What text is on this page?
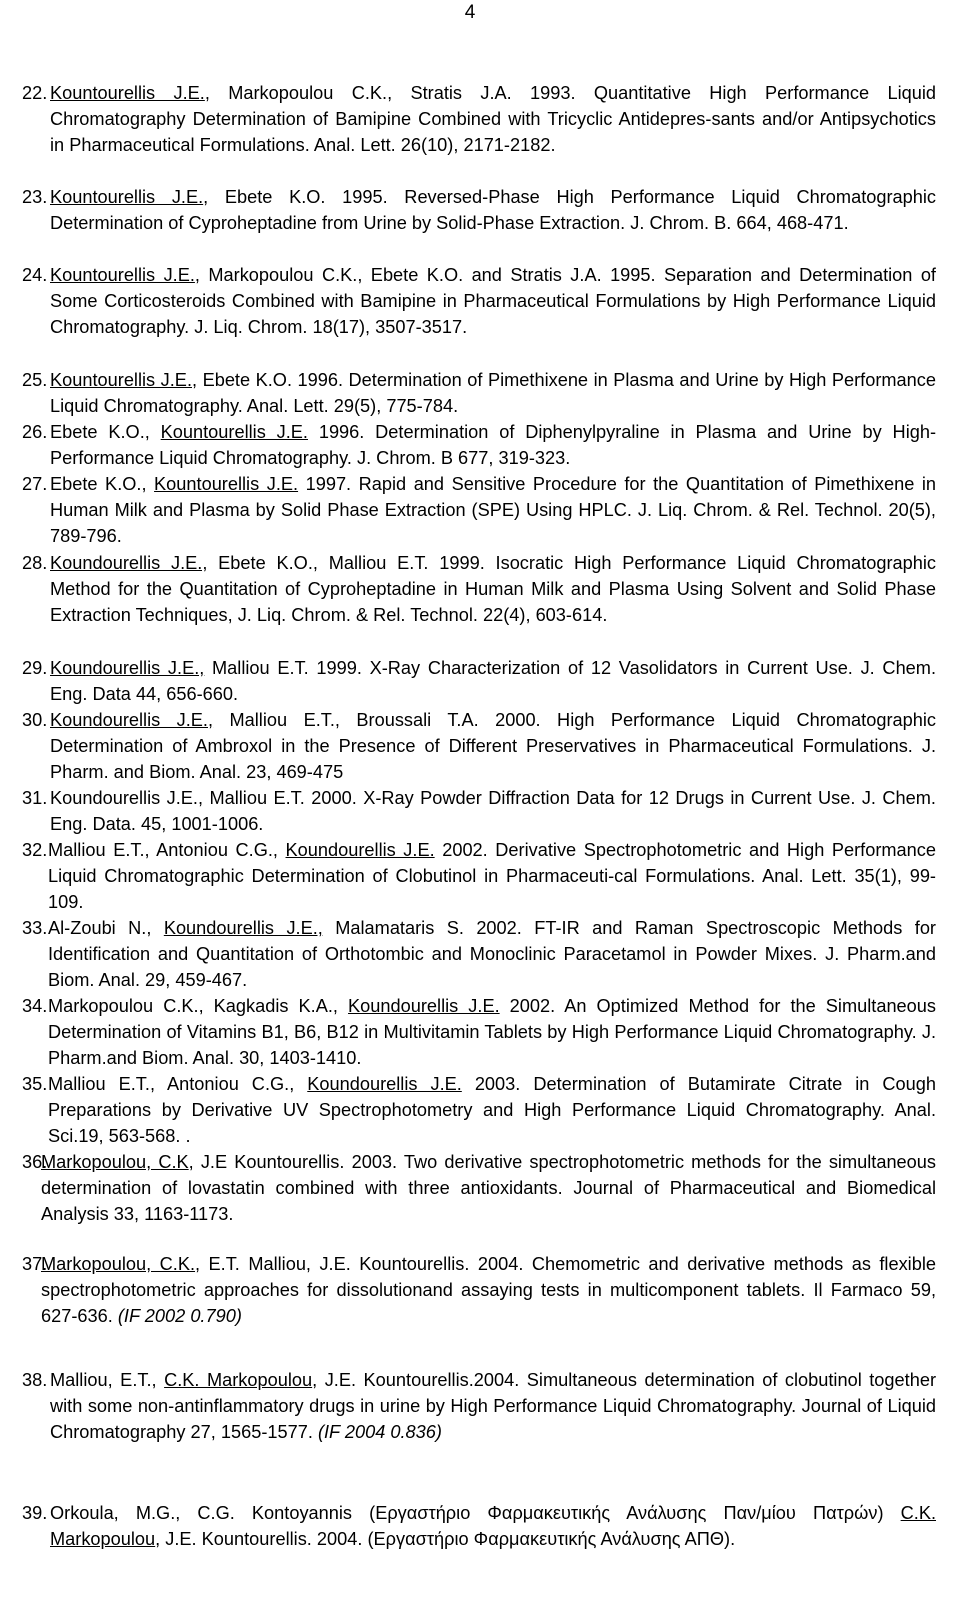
4
22. Kountourellis J.E., Markopoulou C.K., Stratis J.A. 1993. Quantitative High Performance Liquid Chromatography Determination of Bamipine Combined with Tricyclic Antidepres-sants and/or Antipsychotics in Pharmaceutical Formulations. Anal. Lett. 26(10), 2171-2182.
23. Kountourellis J.E., Ebete K.O. 1995. Reversed-Phase High Performance Liquid Chromatographic Determination of Cyproheptadine from Urine by Solid-Phase Extraction. J. Chrom. B. 664, 468-471.
24. Kountourellis J.E., Markopoulou C.K., Ebete K.O. and Stratis J.A. 1995. Separation and Determination of Some Corticosteroids Combined with Bamipine in Pharmaceutical Formulations by High Performance Liquid Chromatography. J. Liq. Chrom. 18(17), 3507-3517.
25. Kountourellis J.E., Ebete K.O. 1996. Determination of Pimethixene in Plasma and Urine by High Performance Liquid Chromatography. Anal. Lett. 29(5), 775-784.
26. Ebete K.O., Kountourellis J.E. 1996. Determination of Diphenylpyraline in Plasma and Urine by High-Performance Liquid Chromatography. J. Chrom. B 677, 319-323.
27. Ebete K.O., Kountourellis J.E. 1997. Rapid and Sensitive Procedure for the Quantitation of Pimethixene in Human Milk and Plasma by Solid Phase Extraction (SPE) Using HPLC. J. Liq. Chrom. & Rel. Technol. 20(5), 789-796.
28. Koundourellis J.E., Ebete K.O., Malliou E.T. 1999. Isocratic High Performance Liquid Chromatographic Method for the Quantitation of Cyproheptadine in Human Milk and Plasma Using Solvent and Solid Phase Extraction Techniques, J. Liq. Chrom. & Rel. Technol. 22(4), 603-614.
29. Koundourellis J.E., Malliou E.T. 1999. X-Ray Characterization of 12 Vasolidators in Current Use. J. Chem. Eng. Data 44, 656-660.
30. Koundourellis J.E., Malliou E.T., Broussali T.A. 2000. High Performance Liquid Chromatographic Determination of Ambroxol in the Presence of Different Preservatives in Pharmaceutical Formulations. J. Pharm. and Biom. Anal. 23, 469-475
31. Koundourellis J.E., Malliou E.T. 2000. X-Ray Powder Diffraction Data for 12 Drugs in Current Use. J. Chem. Eng. Data. 45, 1001-1006.
32. Malliou E.T., Antoniou C.G., Koundourellis J.E. 2002. Derivative Spectrophotometric and High Performance Liquid Chromatographic Determination of Clobutinol in Pharmaceuti-cal Formulations. Anal. Lett. 35(1), 99-109.
33. Al-Zoubi N., Koundourellis J.E., Malamataris S. 2002. FT-IR and Raman Spectroscopic Methods for Identification and Quantitation of Orthotombic and Monoclinic Paracetamol in Powder Mixes. J. Pharm.and Biom. Anal. 29, 459-467.
34. Markopoulou C.K., Kagkadis K.A., Koundourellis J.E. 2002. An Optimized Method for the Simultaneous Determination of Vitamins B1, B6, B12 in Multivitamin Tablets by High Performance Liquid Chromatography. J. Pharm.and Biom. Anal. 30, 1403-1410.
35. Malliou E.T., Antoniou C.G., Koundourellis J.E. 2003. Determination of Butamirate Citrate in Cough Preparations by Derivative UV Spectrophotometry and High Performance Liquid Chromatography. Anal. Sci.19, 563-568. .
36.
Markopoulou, C.K, J.E Kountourellis. 2003. Two derivative spectrophotometric methods for the simultaneous determination of lovastatin combined with three antioxidants. Journal of Pharmaceutical and Biomedical Analysis 33, 1163-1173.
37.
Markopoulou, C.K., E.T. Malliou, J.E. Kountourellis. 2004. Chemometric and derivative methods as flexible spectrophotometric approaches for dissolutionand assaying tests in multicomponent tablets. Il Farmaco 59, 627-636. (IF 2002 0.790)
38. Malliou, E.T., C.K. Markopoulou, J.E. Kountourellis.2004. Simultaneous determination of clobutinol together with some non-antinflammatory drugs in urine by High Performance Liquid Chromatography. Journal of Liquid Chromatography 27, 1565-1577. (IF 2004 0.836)
39. Orkoula, M.G., C.G. Kontoyannis (Εργαστήριο Φαρμακευτικής Ανάλυσης Παν/μίου Πατρών) C.K. Markopoulou, J.E. Kountourellis. 2004. (Εργαστήριο Φαρμακευτικής Ανάλυσης ΑΠΘ).
